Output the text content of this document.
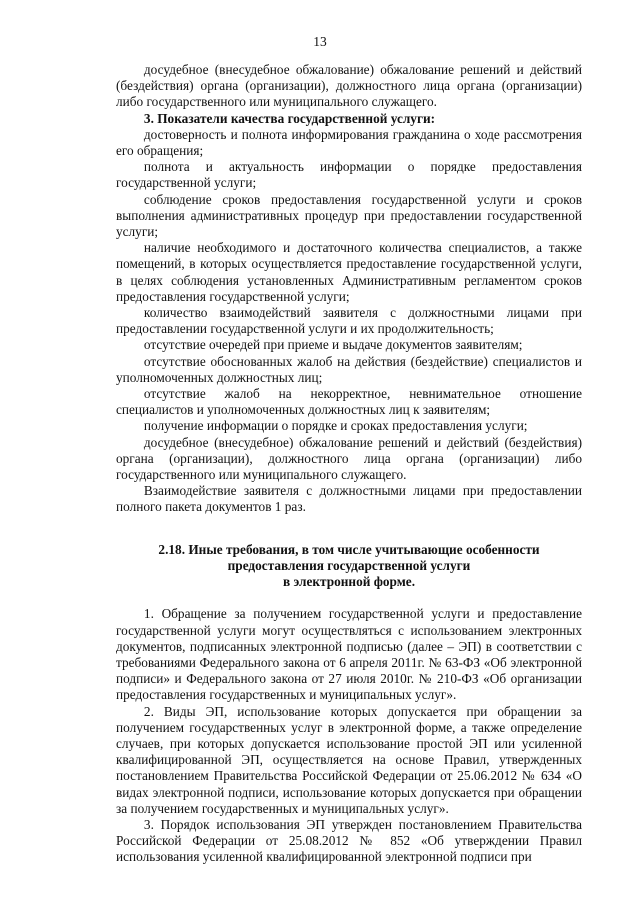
13

досудебное (внесудебное обжалование) обжалование решений и действий (бездействия) органа (организации), должностного лица органа (организации) либо государственного или муниципального служащего.

3. Показатели качества государственной услуги:

достоверность и полнота информирования гражданина о ходе рассмотрения его обращения;

полнота и актуальность информации о порядке предоставления государственной услуги;

соблюдение сроков предоставления государственной услуги и сроков выполнения административных процедур при предоставлении государственной услуги;

наличие необходимого и достаточного количества специалистов, а также помещений, в которых осуществляется предоставление государственной услуги, в целях соблюдения установленных Административным регламентом сроков предоставления государственной услуги;

количество взаимодействий заявителя с должностными лицами при предоставлении государственной услуги и их продолжительность;

отсутствие очередей при приеме и выдаче документов заявителям;

отсутствие обоснованных жалоб на действия (бездействие) специалистов и уполномоченных должностных лиц;

отсутствие жалоб на некорректное, невнимательное отношение специалистов и уполномоченных должностных лиц к заявителям;

получение информации о порядке и сроках предоставления услуги;

досудебное (внесудебное) обжалование решений и действий (бездействия) органа (организации), должностного лица органа (организации) либо государственного или муниципального служащего.

Взаимодействие заявителя с должностными лицами при предоставлении полного пакета документов 1 раз.

2.18. Иные требования, в том числе учитывающие особенности
предоставления государственной услуги
в электронной форме.

1. Обращение за получением государственной услуги и предоставление государственной услуги могут осуществляться с использованием электронных документов, подписанных электронной подписью (далее – ЭП) в соответствии с требованиями Федерального закона от 6 апреля 2011г. № 63-ФЗ «Об электронной подписи» и Федерального закона от 27 июля 2010г. № 210-ФЗ «Об организации предоставления государственных и муниципальных услуг».

2. Виды ЭП, использование которых допускается при обращении за получением государственных услуг в электронной форме, а также определение случаев, при которых допускается использование простой ЭП или усиленной квалифицированной ЭП, осуществляется на основе Правил, утвержденных постановлением Правительства Российской Федерации от 25.06.2012 № 634 «О видах электронной подписи, использование которых допускается при обращении за получением государственных и муниципальных услуг».

3. Порядок использования ЭП утвержден постановлением Правительства Российской Федерации от 25.08.2012 № 852 «Об утверждении Правил использования усиленной квалифицированной электронной подписи при
